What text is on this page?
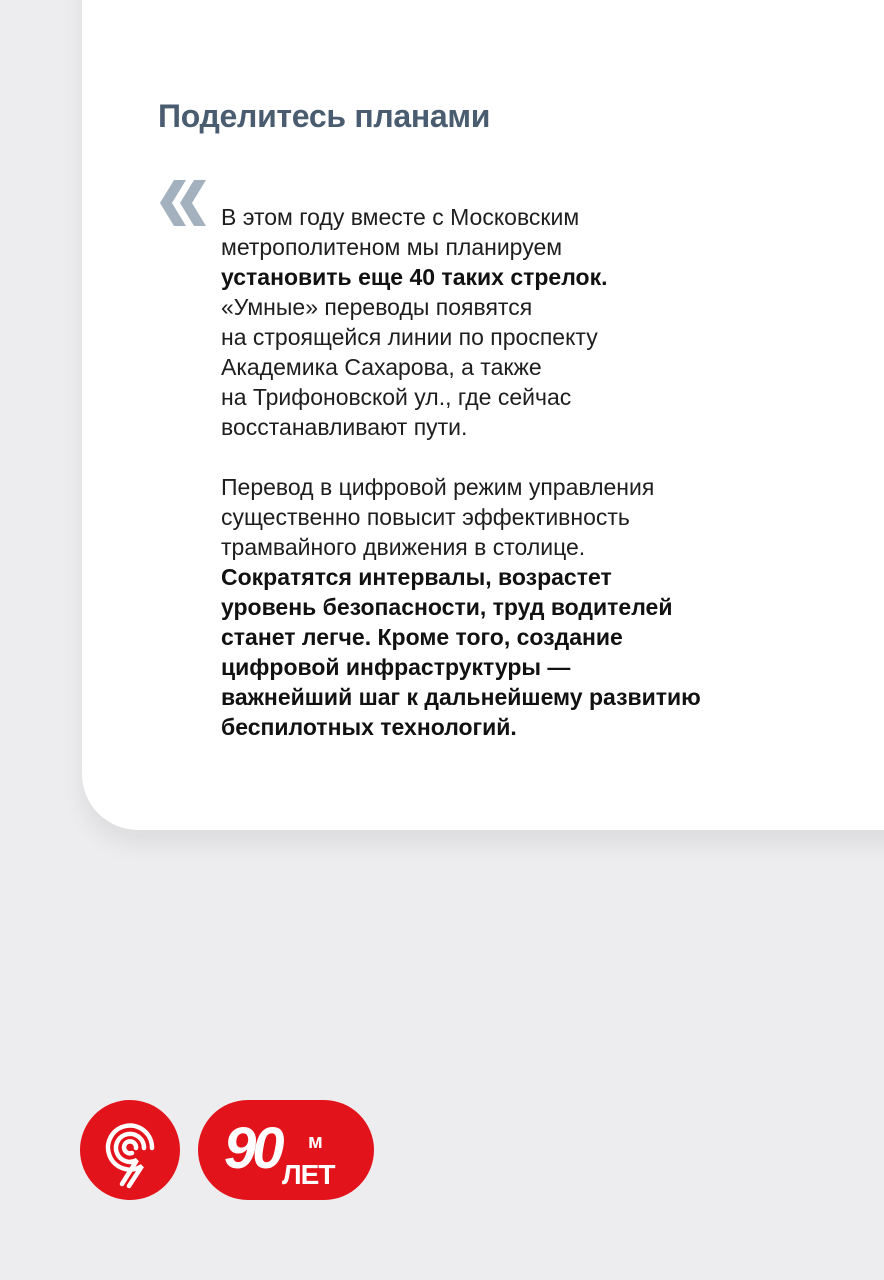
Поделитесь планами

В этом году вместе с Московским
метрополитеном мы планируем
установить еще 40 таких стрелок.
«Умные» переводы появятся
на строящейся линии по проспекту
Академика Сахарова, а также
на Трифоновской ул., где сейчас
восстанавливают пути.

Перевод в цифровой режим управления
существенно повысит эффективность
трамвайного движения в столице.
Сократятся интервалы, возрастет
уровень безопасности, труд водителей
станет легче. Кроме того, создание
цифровой инфраструктуры —
важнейший шаг к дальнейшему развитию
беспилотных технологий.

90 м
ЛЕТ
